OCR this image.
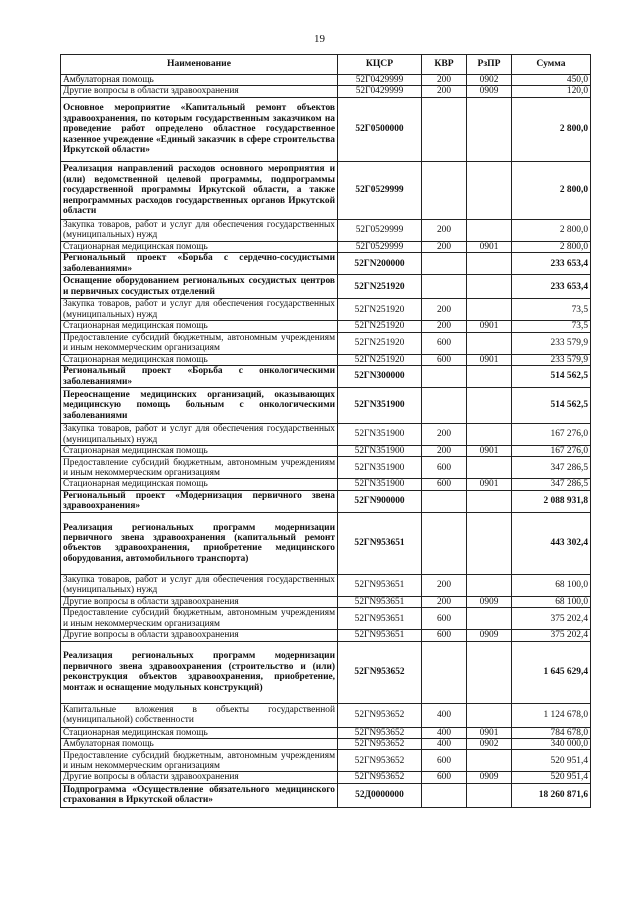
19
Наименование	КЦСР	КВР	РзПР	Сумма
Амбулаторная помощь	52Г0429999	200	0902	450,0
Другие вопросы в области здравоохранения	52Г0429999	200	0909	120,0
Основное мероприятие «Капитальный ремонт объектов здравоохранения, по которым государственным заказчиком на проведение работ определено областное государственное казенное учреждение «Единый заказчик в сфере строительства Иркутской области»	52Г0500000			2 800,0
Реализация направлений расходов основного мероприятия и (или) ведомственной целевой программы, подпрограммы государственной программы Иркутской области, а также непрограммных расходов государственных органов Иркутской области	52Г0529999			2 800,0
Закупка товаров, работ и услуг для обеспечения государственных (муниципальных) нужд	52Г0529999	200		2 800,0
Стационарная медицинская помощь	52Г0529999	200	0901	2 800,0
Региональный проект «Борьба с сердечно-сосудистыми заболеваниями»	52ГN200000			233 653,4
Оснащение оборудованием региональных сосудистых центров и первичных сосудистых отделений	52ГN251920			233 653,4
Закупка товаров, работ и услуг для обеспечения государственных (муниципальных) нужд	52ГN251920	200		73,5
Стационарная медицинская помощь	52ГN251920	200	0901	73,5
Предоставление субсидий бюджетным, автономным учреждениям и иным некоммерческим организациям	52ГN251920	600		233 579,9
Стационарная медицинская помощь	52ГN251920	600	0901	233 579,9
Региональный проект «Борьба с онкологическими заболеваниями»	52ГN300000			514 562,5
Переоснащение медицинских организаций, оказывающих медицинскую помощь больным с онкологическими заболеваниями	52ГN351900			514 562,5
Закупка товаров, работ и услуг для обеспечения государственных (муниципальных) нужд	52ГN351900	200		167 276,0
Стационарная медицинская помощь	52ГN351900	200	0901	167 276,0
Предоставление субсидий бюджетным, автономным учреждениям и иным некоммерческим организациям	52ГN351900	600		347 286,5
Стационарная медицинская помощь	52ГN351900	600	0901	347 286,5
Региональный проект «Модернизация первичного звена здравоохранения»	52ГN900000			2 088 931,8
Реализация региональных программ модернизации первичного звена здравоохранения (капитальный ремонт объектов здравоохранения, приобретение медицинского оборудования, автомобильного транспорта)	52ГN953651			443 302,4
Закупка товаров, работ и услуг для обеспечения государственных (муниципальных) нужд	52ГN953651	200		68 100,0
Другие вопросы в области здравоохранения	52ГN953651	200	0909	68 100,0
Предоставление субсидий бюджетным, автономным учреждениям и иным некоммерческим организациям	52ГN953651	600		375 202,4
Другие вопросы в области здравоохранения	52ГN953651	600	0909	375 202,4
Реализация региональных программ модернизации первичного звена здравоохранения (строительство и (или) реконструкция объектов здравоохранения, приобретение, монтаж и оснащение модульных конструкций)	52ГN953652			1 645 629,4
Капитальные вложения в объекты государственной (муниципальной) собственности	52ГN953652	400		1 124 678,0
Стационарная медицинская помощь	52ГN953652	400	0901	784 678,0
Амбулаторная помощь	52ГN953652	400	0902	340 000,0
Предоставление субсидий бюджетным, автономным учреждениям и иным некоммерческим организациям	52ГN953652	600		520 951,4
Другие вопросы в области здравоохранения	52ГN953652	600	0909	520 951,4
Подпрограмма «Осуществление обязательного медицинского страхования в Иркутской области»	52Д0000000			18 260 871,6
